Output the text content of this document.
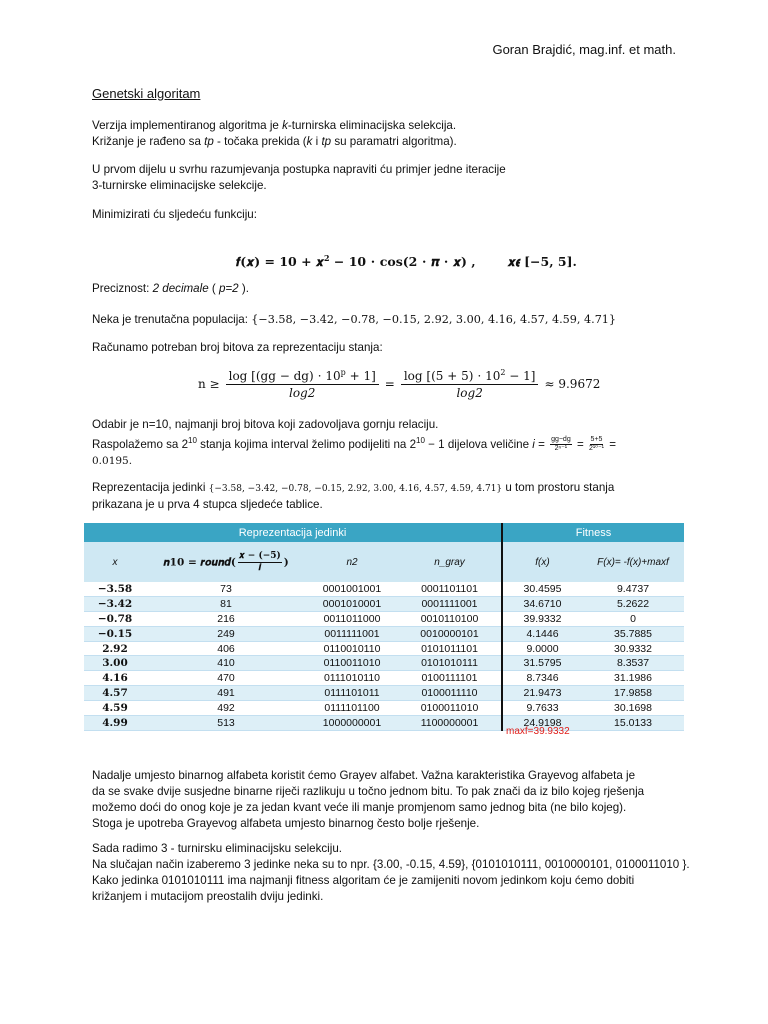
Goran Brajdić, mag.inf. et math.
Genetski algoritam
Verzija implementiranog algoritma je k-turnirska eliminacijska selekcija.
Križanje je rađeno sa tp - točaka prekida (k i tp su paramatri algoritma).
U prvom dijelu u svrhu razumjevanja postupka napraviti ću primjer jedne iteracije
3-turnirske eliminacijske selekcije.
Minimizirati ću sljedeću funkciju:
𝒇(𝒙) = 𝟏𝟎 + 𝒙$^𝟐$ − 𝟏𝟎 ⋅ 𝐜𝐨𝐬(𝟐 ⋅ 𝝅 ⋅ 𝒙) ,	𝒙𝝐 [−𝟓, 𝟓].
Preciznost: 2 decimale ( p=2 ).
Neka je trenutačna populacija: {−3.58, −3.42, −0.78, −0.15, 2.92, 3.00, 4.16, 4.57, 4.59, 4.71}
Računamo potreban broj bitova za reprezentaciju stanja:
$n \ge \frac{\log [(gg - dg) \cdot 10^p + 1]}{\log 2} = \frac{\log [(5 + 5) \cdot 10^2 - 1]}{\log 2} \approx 9.9672$
Odabir je n=10, najmanji broj bitova koji zadovoljava gornju relaciju.
Raspolažemo sa $2^{10}$ stanja kojima interval želimo podijeliti na $2^{10} - 1$ dijelova veličine $i = \frac{gg-dg}{\text{2ⁿ⁻¹}} = \frac{5+5}{\text{2¹⁰⁻¹}}$ =
0.0195.
Reprezentacija jedinki {−3.58, −3.42, −0.78, −0.15, 2.92, 3.00, 4.16, 4.57, 4.59, 4.71} u tom prostoru stanja
prikazana je u prva 4 stupca sljedeće tablice.
Reprezentacija jedinki				Fitness	
x	𝒏𝟏𝟎 = 𝒓𝒐𝒖𝒏𝒅(
𝒙 − (−𝟓)
𝒊 )	n2	n_gray	f(x)	F(x)= -f(x)+maxf
−𝟑.𝟓𝟖	73	0001001001	0001101101	30.4595	9.4737
−𝟑.𝟒𝟐	81	0001010001	0001111001	34.6710	5.2622
−𝟎.𝟕𝟖	216	0011011000	0010110100	39.9332	0
−𝟎.𝟏𝟓	249	0011111001	0010000101	4.1446	35.7885
𝟐.𝟗𝟐	406	0110010110	0101011101	9.0000	30.9332
𝟑.𝟎𝟎	410	0110011010	0101010111	31.5795	8.3537
𝟒.𝟏𝟔	470	0111010110	0100111101	8.7346	31.1986
𝟒.𝟓𝟕	491	0111101011	0100011110	21.9473	17.9858
𝟒.𝟓𝟗	492	0111101100	0100011010	9.7633	30.1698
𝟒.𝟗𝟗	513	1000000001	1100000001	24.9198	15.0133
maxf=39.9332
Nadalje umjesto binarnog alfabeta koristit ćemo Grayev alfabet. Važna karakteristika Grayevog alfabeta je
da se svake dvije susjedne binarne riječi razlikuju u točno jednom bitu. To pak znači da iz bilo kojeg rješenja
možemo doći do onog koje je za jedan kvant veće ili manje promjenom samo jednog bita (ne bilo kojeg).
Stoga je upotreba Grayevog alfabeta umjesto binarnog često bolje rješenje.
Sada radimo 3 - turnirsku eliminacijsku selekciju.
Na slučajan način izaberemo 3 jedinke neka su to npr. {3.00, -0.15, 4.59}, {0101010111, 0010000101, 0100011010 }.
Kako jedinka 0101010111 ima najmanji fitness algoritam će je zamijeniti novom jedinkom koju ćemo dobiti
križanjem i mutacijom preostalih dviju jedinki.
